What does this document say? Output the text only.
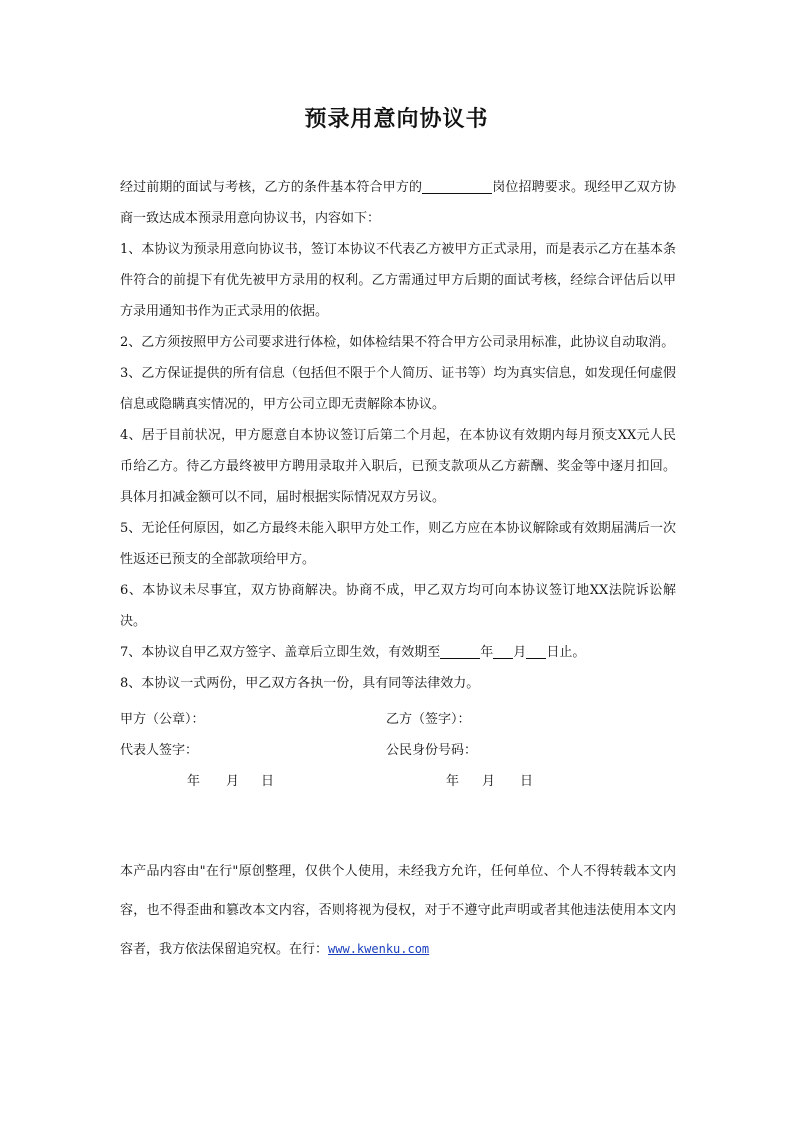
预录用意向协议书

经过前期的面试与考核，乙方的条件基本符合甲方的	岗位招聘要求。现经甲乙双方协商一致达成本预录用意向协议书，内容如下：

1、本协议为预录用意向协议书，签订本协议不代表乙方被甲方正式录用，而是表示乙方在基本条件符合的前提下有优先被甲方录用的权利。乙方需通过甲方后期的面试考核，经综合评估后以甲方录用通知书作为正式录用的依据。

2、乙方须按照甲方公司要求进行体检，如体检结果不符合甲方公司录用标准，此协议自动取消。

3、乙方保证提供的所有信息（包括但不限于个人简历、证书等）均为真实信息，如发现任何虚假信息或隐瞒真实情况的，甲方公司立即无责解除本协议。

4、居于目前状况，甲方愿意自本协议签订后第二个月起，在本协议有效期内每月预支XX元人民币给乙方。待乙方最终被甲方聘用录取并入职后，已预支款项从乙方薪酬、奖金等中逐月扣回。具体月扣减金额可以不同，届时根据实际情况双方另议。

5、无论任何原因，如乙方最终未能入职甲方处工作，则乙方应在本协议解除或有效期届满后一次性返还已预支的全部款项给甲方。

6、本协议未尽事宜，双方协商解决。协商不成，甲乙双方均可向本协议签订地XX法院诉讼解决。

7、本协议自甲乙双方签字、盖章后立即生效，有效期至	年 月 日止。

8、本协议一式两份，甲乙双方各执一份，具有同等法律效力。

甲方（公章）：	乙方（签字）：
代表人签字：	公民身份号码：
年 月 日	年 月 日
本产品内容由"在行"原创整理，仅供个人使用，未经我方允许，任何单位、个人不得转载本文内容，也不得歪曲和篡改本文内容，否则将视为侵权，对于不遵守此声明或者其他违法使用本文内容者，我方依法保留追究权。在行：www.kwenku.com
